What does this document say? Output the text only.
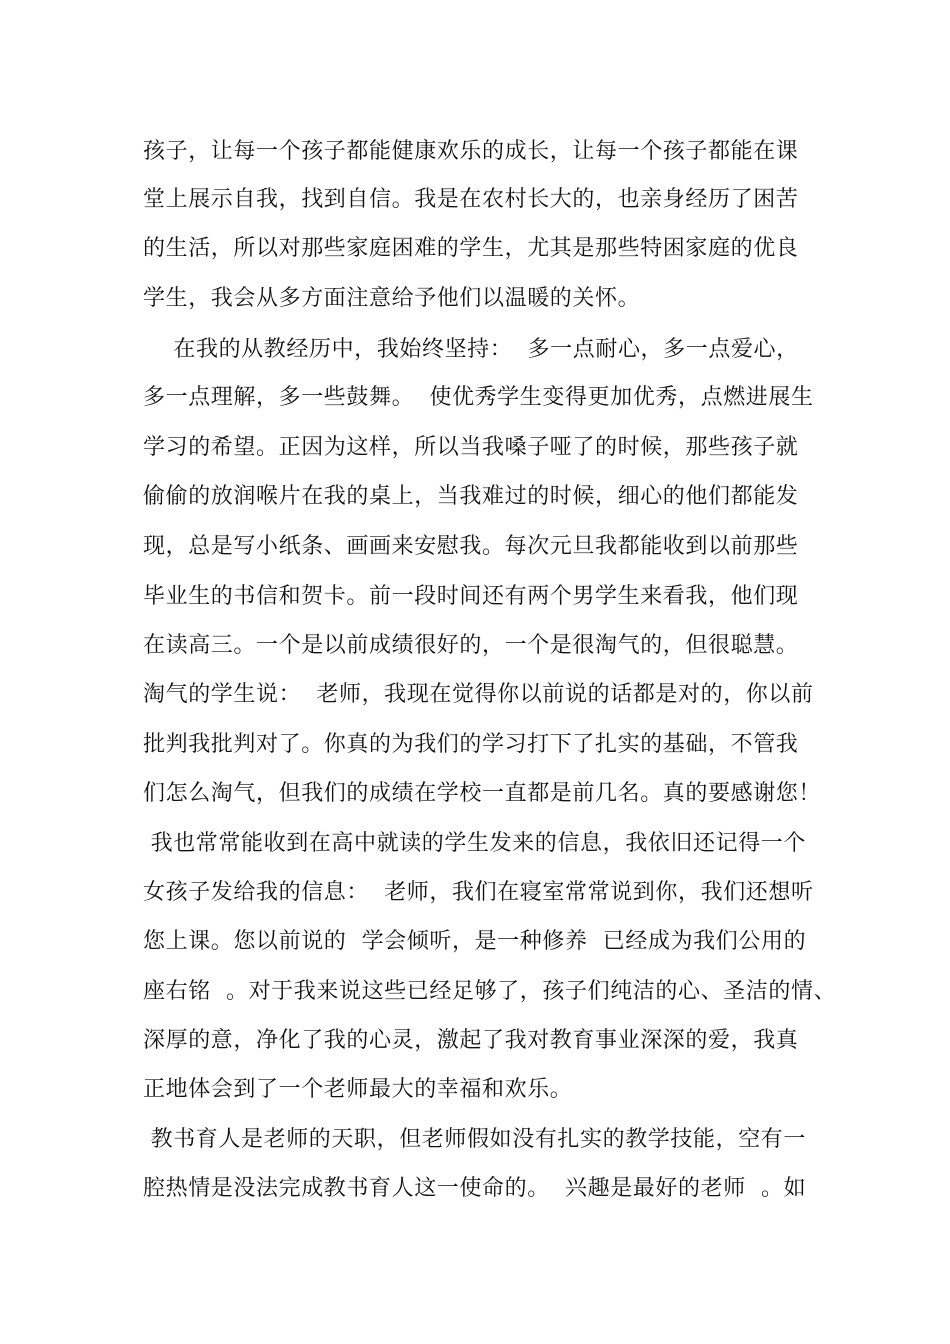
孩子，让每一个孩子都能健康欢乐的成长，让每一个孩子都能在课

堂上展示自我，找到自信。我是在农村长大的，也亲身经历了困苦

的生活，所以对那些家庭困难的学生，尤其是那些特困家庭的优良

学生，我会从多方面注意给予他们以温暖的关怀。

在我的从教经历中，我始终坚持：  多一点耐心，多一点爱心，

多一点理解，多一些鼓舞。  使优秀学生变得更加优秀，点燃进展生

学习的希望。正因为这样，所以当我嗓子哑了的时候，那些孩子就

偷偷的放润喉片在我的桌上，当我难过的时候，细心的他们都能发

现，总是写小纸条、画画来安慰我。每次元旦我都能收到以前那些

毕业生的书信和贺卡。前一段时间还有两个男学生来看我，他们现

在读高三。一个是以前成绩很好的，一个是很淘气的，但很聪慧。

淘气的学生说：  老师，我现在觉得你以前说的话都是对的，你以前

批判我批判对了。你真的为我们的学习打下了扎实的基础，不管我

们怎么淘气，但我们的成绩在学校一直都是前几名。真的要感谢您！

我也常常能收到在高中就读的学生发来的信息，我依旧还记得一个

女孩子发给我的信息：  老师，我们在寝室常常说到你，我们还想听

您上课。您以前说的  学会倾听，是一种修养  已经成为我们公用的

座右铭  。对于我来说这些已经足够了，孩子们纯洁的心、圣洁的情、

深厚的意，净化了我的心灵，激起了我对教育事业深深的爱，我真

正地体会到了一个老师最大的幸福和欢乐。

教书育人是老师的天职，但老师假如没有扎实的教学技能，空有一

腔热情是没法完成教书育人这一使命的。  兴趣是最好的老师  。如
